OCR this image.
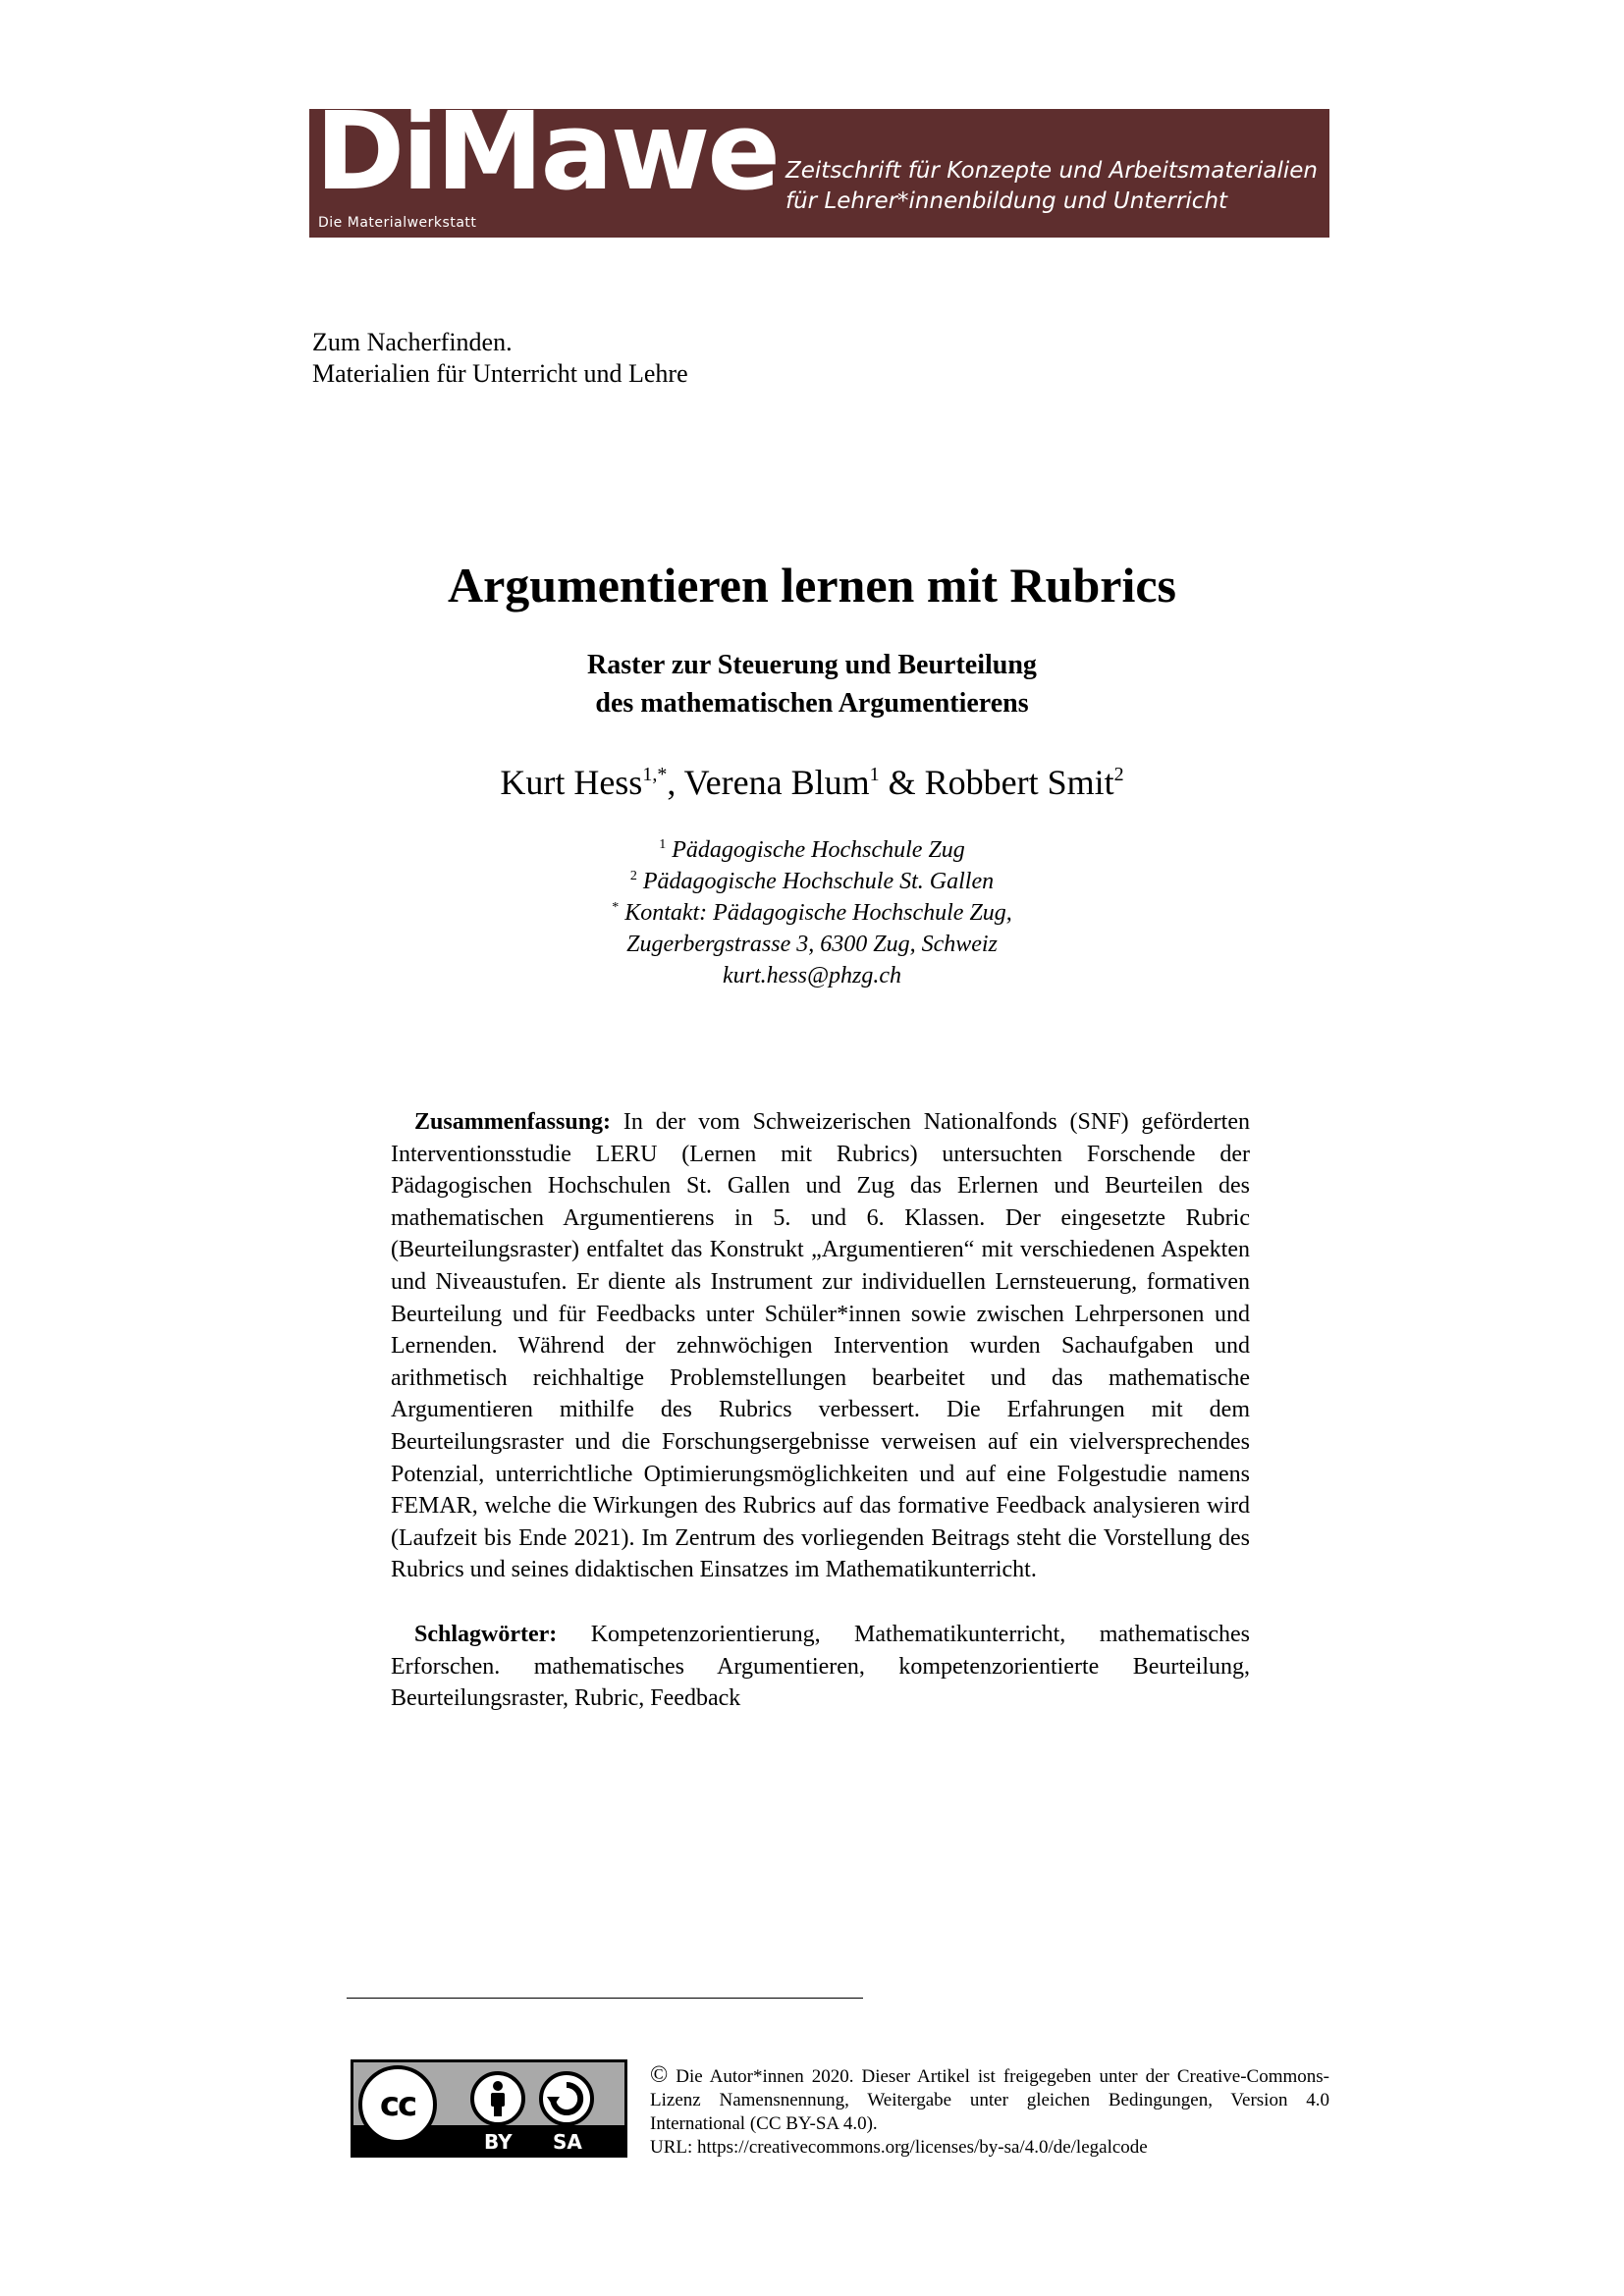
DiMawe
Die Materialwerkstatt
Zeitschrift für Konzepte und Arbeitsmaterialien
für Lehrer*innenbildung und Unterricht
Zum Nacherfinden.
Materialien für Unterricht und Lehre
Argumentieren lernen mit Rubrics
Raster zur Steuerung und Beurteilung
des mathematischen Argumentierens
Kurt Hess$^{1,*}$, Verena Blum$^1$ & Robbert Smit$^2$
$^1$ Pädagogische Hochschule Zug
$^2$ Pädagogische Hochschule St. Gallen
* Kontakt: Pädagogische Hochschule Zug,
Zugerbergstrasse 3, 6300 Zug, Schweiz
kurt.hess@phzg.ch

Zusammenfassung: In der vom Schweizerischen Nationalfonds (SNF) geförderten Interventionsstudie LERU (Lernen mit Rubrics) untersuchten Forschende der Pädagogischen Hochschulen St. Gallen und Zug das Erlernen und Beurteilen des mathematischen Argumentierens in 5. und 6. Klassen. Der eingesetzte Rubric (Beurteilungsraster) entfaltet das Konstrukt „Argumentieren“ mit verschiedenen Aspekten und Niveaustufen. Er diente als Instrument zur individuellen Lernsteuerung, formativen Beurteilung und für Feedbacks unter Schüler*innen sowie zwischen Lehrpersonen und Lernenden. Während der zehnwöchigen Intervention wurden Sachaufgaben und arithmetisch reichhaltige Problemstellungen bearbeitet und das mathematische Argumentieren mithilfe des Rubrics verbessert. Die Erfahrungen mit dem Beurteilungsraster und die Forschungsergebnisse verweisen auf ein vielversprechendes Potenzial, unterrichtliche Optimierungsmöglichkeiten und auf eine Folgestudie namens FEMAR, welche die Wirkungen des Rubrics auf das formative Feedback analysieren wird (Laufzeit bis Ende 2021). Im Zentrum des vorliegenden Beitrags steht die Vorstellung des Rubrics und seines didaktischen Einsatzes im Mathematikunterricht.

Schlagwörter: Kompetenzorientierung, Mathematikunterricht, mathematisches Erforschen. mathematisches Argumentieren, kompetenzorientierte Beurteilung, Beurteilungsraster, Rubric, Feedback

cc
BY SA
© Die Autor*innen 2020. Dieser Artikel ist freigegeben unter der Creative-Commons-Lizenz Namensnennung, Weitergabe unter gleichen Bedingungen, Version 4.0 International (CC BY-SA 4.0).
URL: https://creativecommons.org/licenses/by-sa/4.0/de/legalcode
